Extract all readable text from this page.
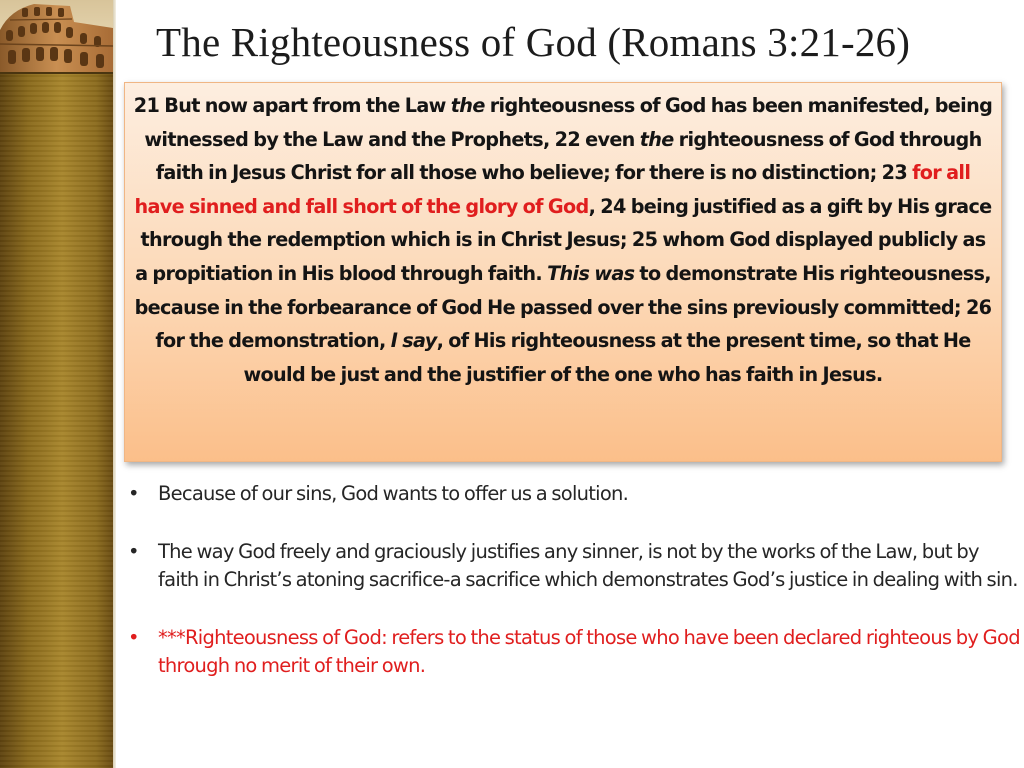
The Righteousness of God (Romans 3:21-26)
21 But now apart from the Law the righteousness of God has been manifested, being witnessed by the Law and the Prophets, 22 even the righteousness of God through faith in Jesus Christ for all those who believe; for there is no distinction; 23 for all have sinned and fall short of the glory of God, 24 being justified as a gift by His grace through the redemption which is in Christ Jesus; 25 whom God displayed publicly as a propitiation in His blood through faith. This was to demonstrate His righteousness, because in the forbearance of God He passed over the sins previously committed; 26 for the demonstration, I say, of His righteousness at the present time, so that He would be just and the justifier of the one who has faith in Jesus.
• Because of our sins, God wants to offer us a solution.
• The way God freely and graciously justifies any sinner, is not by the works of the Law, but by faith in Christ’s atoning sacrifice-a sacrifice which demonstrates God’s justice in dealing with sin.
• ***Righteousness of God: refers to the status of those who have been declared righteous by God through no merit of their own.
